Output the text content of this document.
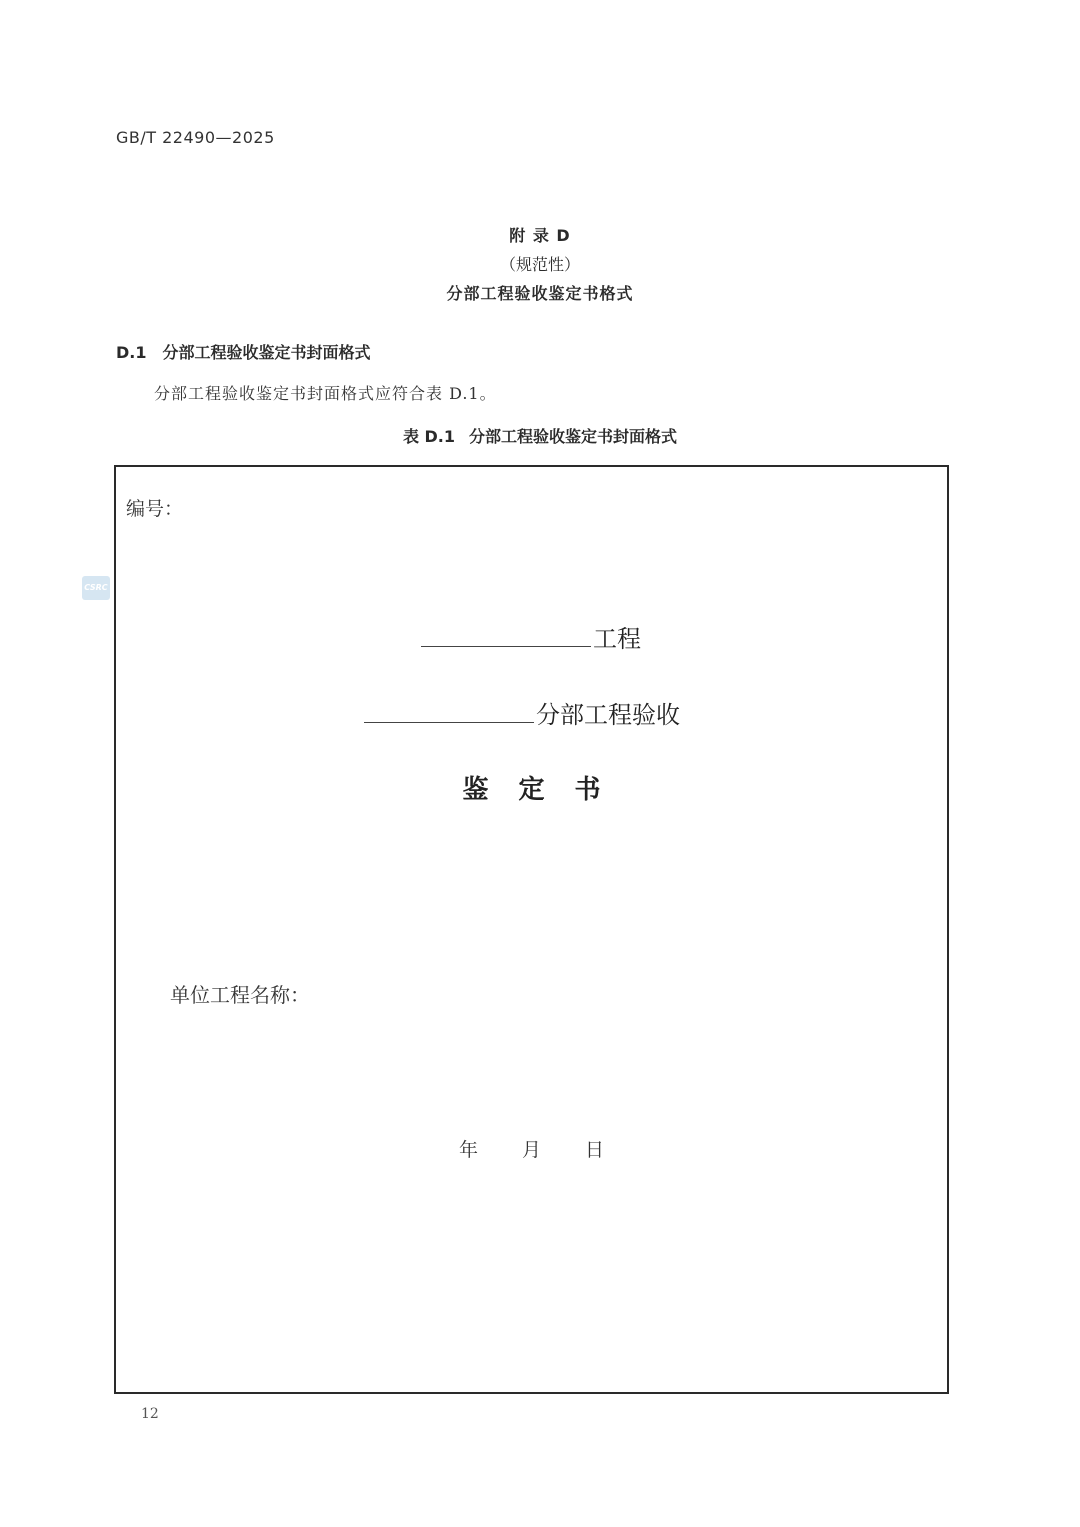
GB/T 22490—2025
附 录 D
（规范性）
分部工程验收鉴定书格式
D.1 分部工程验收鉴定书封面格式
分部工程验收鉴定书封面格式应符合表 D.1。
表 D.1 分部工程验收鉴定书封面格式
CSRC
编号：
工程
分部工程验收
鉴定书
单位工程名称：
年 月 日
12
